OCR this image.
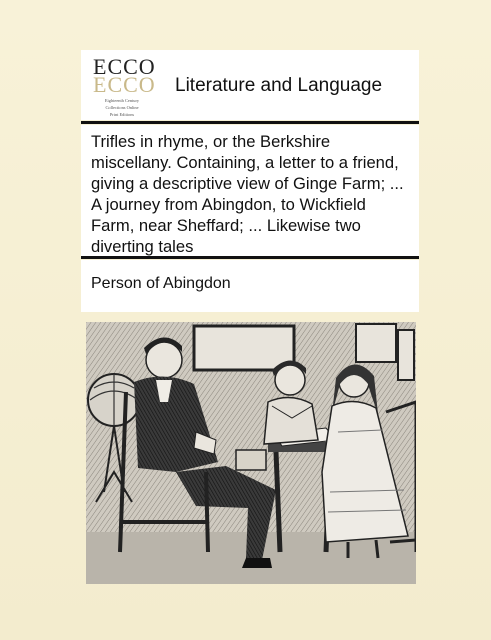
ECCO
ECCO
Eighteenth Century
Collections Online
Print Editions
Literature and Language
Trifles in rhyme, or the Berkshire miscellany. Containing, a letter to a friend, giving a descriptive view of Ginge Farm; ... A journey from Abingdon, to Wickfield Farm, near Sheffard; ... Likewise two diverting tales
Person of Abingdon
